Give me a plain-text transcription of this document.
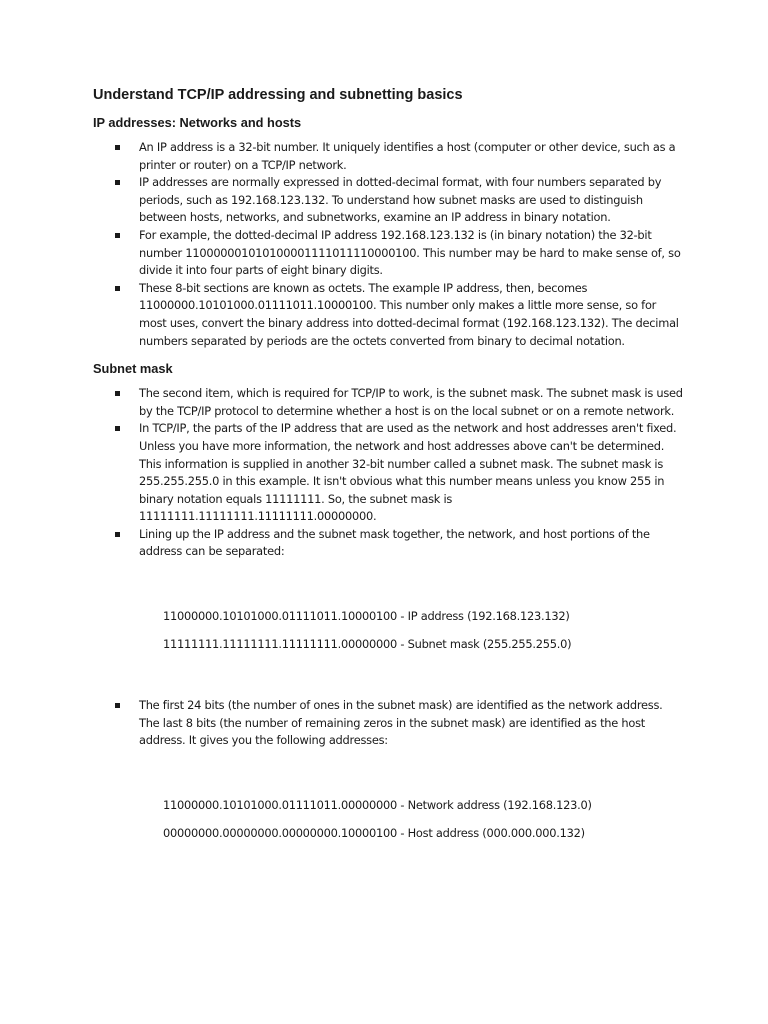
Understand TCP/IP addressing and subnetting basics
IP addresses: Networks and hosts
An IP address is a 32-bit number. It uniquely identifies a host (computer or other device, such as a printer or router) on a TCP/IP network.
IP addresses are normally expressed in dotted-decimal format, with four numbers separated by periods, such as 192.168.123.132. To understand how subnet masks are used to distinguish between hosts, networks, and subnetworks, examine an IP address in binary notation.
For example, the dotted-decimal IP address 192.168.123.132 is (in binary notation) the 32-bit number 110000001010100001111011110000100. This number may be hard to make sense of, so divide it into four parts of eight binary digits.
These 8-bit sections are known as octets. The example IP address, then, becomes 11000000.10101000.01111011.10000100. This number only makes a little more sense, so for most uses, convert the binary address into dotted-decimal format (192.168.123.132). The decimal numbers separated by periods are the octets converted from binary to decimal notation.
Subnet mask
The second item, which is required for TCP/IP to work, is the subnet mask. The subnet mask is used by the TCP/IP protocol to determine whether a host is on the local subnet or on a remote network.
In TCP/IP, the parts of the IP address that are used as the network and host addresses aren't fixed. Unless you have more information, the network and host addresses above can't be determined. This information is supplied in another 32-bit number called a subnet mask. The subnet mask is 255.255.255.0 in this example. It isn't obvious what this number means unless you know 255 in binary notation equals 11111111. So, the subnet mask is 11111111.11111111.11111111.00000000.
Lining up the IP address and the subnet mask together, the network, and host portions of the address can be separated:

11000000.10101000.01111011.10000100 - IP address (192.168.123.132)

11111111.11111111.11111111.00000000 - Subnet mask (255.255.255.0)

The first 24 bits (the number of ones in the subnet mask) are identified as the network address. The last 8 bits (the number of remaining zeros in the subnet mask) are identified as the host address. It gives you the following addresses:

11000000.10101000.01111011.00000000 - Network address (192.168.123.0)

00000000.00000000.00000000.10000100 - Host address (000.000.000.132)
